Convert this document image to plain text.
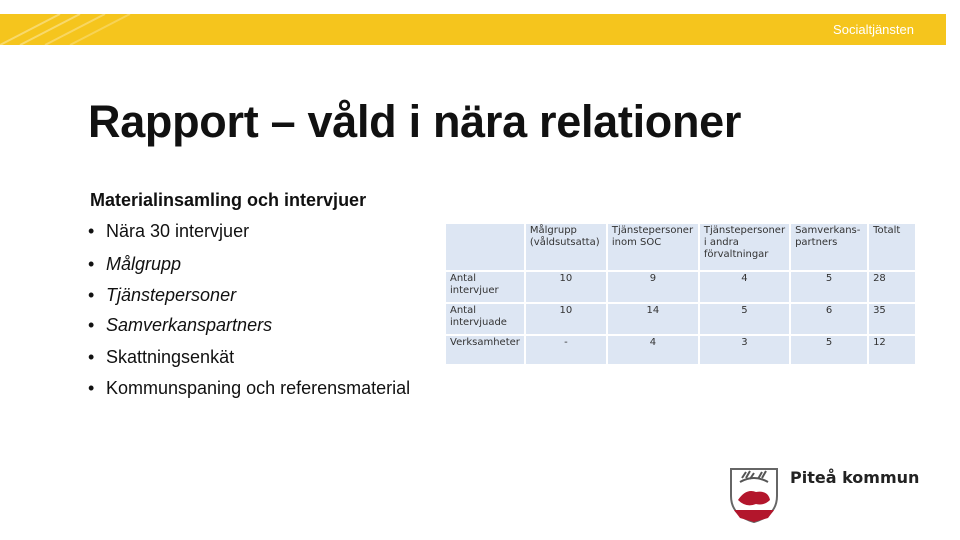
Socialtjänsten
Rapport – våld i nära relationer
Materialinsamling och intervjuer
• Nära 30 intervjuer
• Målgrupp
• Tjänstepersoner
• Samverkanspartners
• Skattningsenkät
• Kommunspaning och referensmaterial
	Målgrupp (våldsutsatta)	Tjänstepersoner inom SOC	Tjänstepersoner i andra förvaltningar	Samverkans-partners	Totalt
Antal intervjuer	10	9	4	5	28
Antal intervjuade	10	14	5	6	35
Verksamheter	-	4	3	5	12
Piteå kommun
